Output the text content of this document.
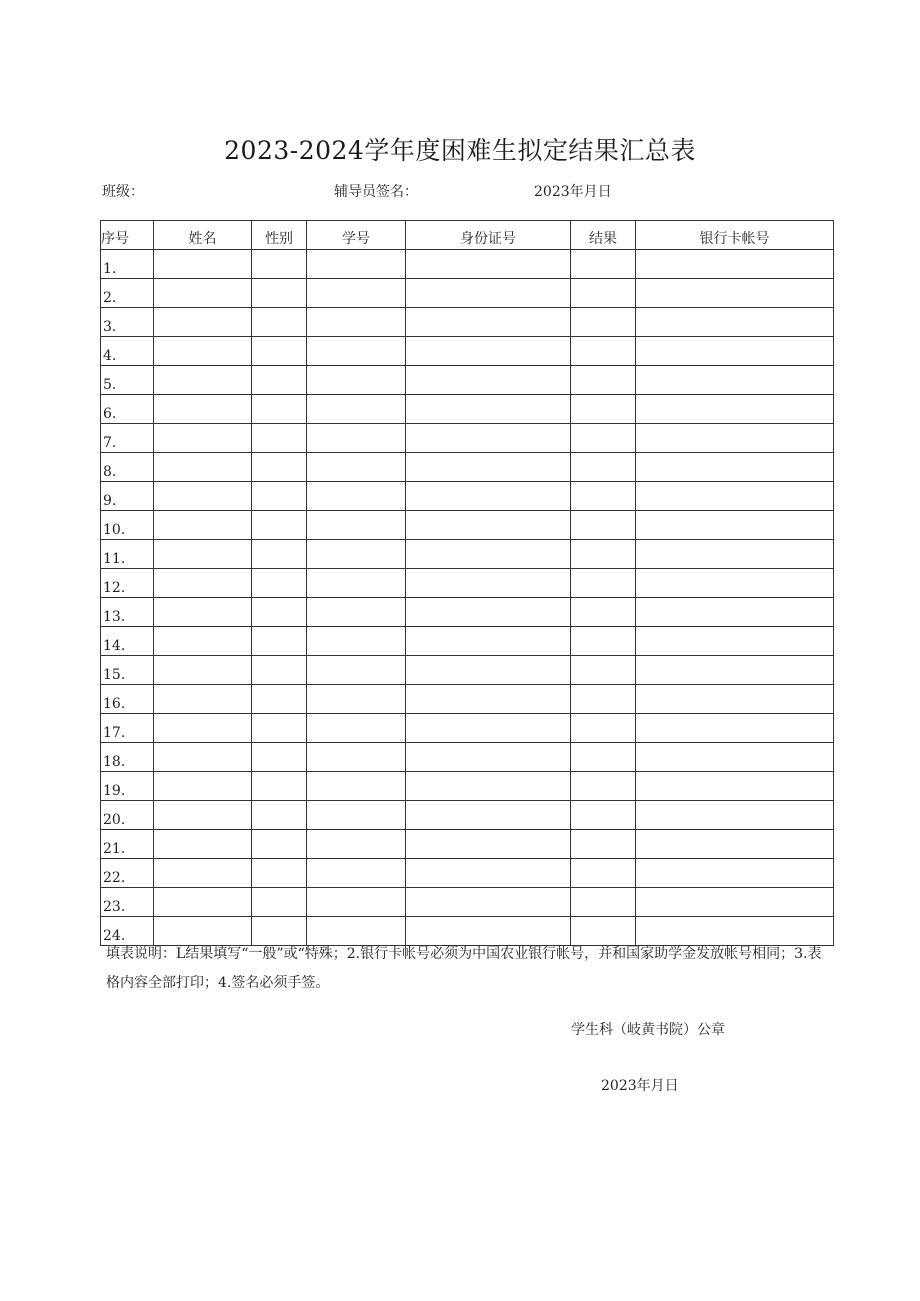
2023-2024学年度困难生拟定结果汇总表
班级：	辅导员签名：	2023年月日
序号	姓名	性别	学号	身份证号	结果	银行卡帐号
1.						
2.						
3.						
4.						
5.						
6.						
7.						
8.						
9.						
10.						
11.						
12.						
13.						
14.						
15.						
16.						
17.						
18.						
19.						
20.						
21.						
22.						
23.						
24.						
填表说明：L结果填写“一般”或“特殊；2.银行卡帐号必须为中国农业银行帐号，并和国家助学金发放帐号相同；3.表格内容全部打印；4.签名必须手签。
学生科（岐黄书院）公章
2023年月日
